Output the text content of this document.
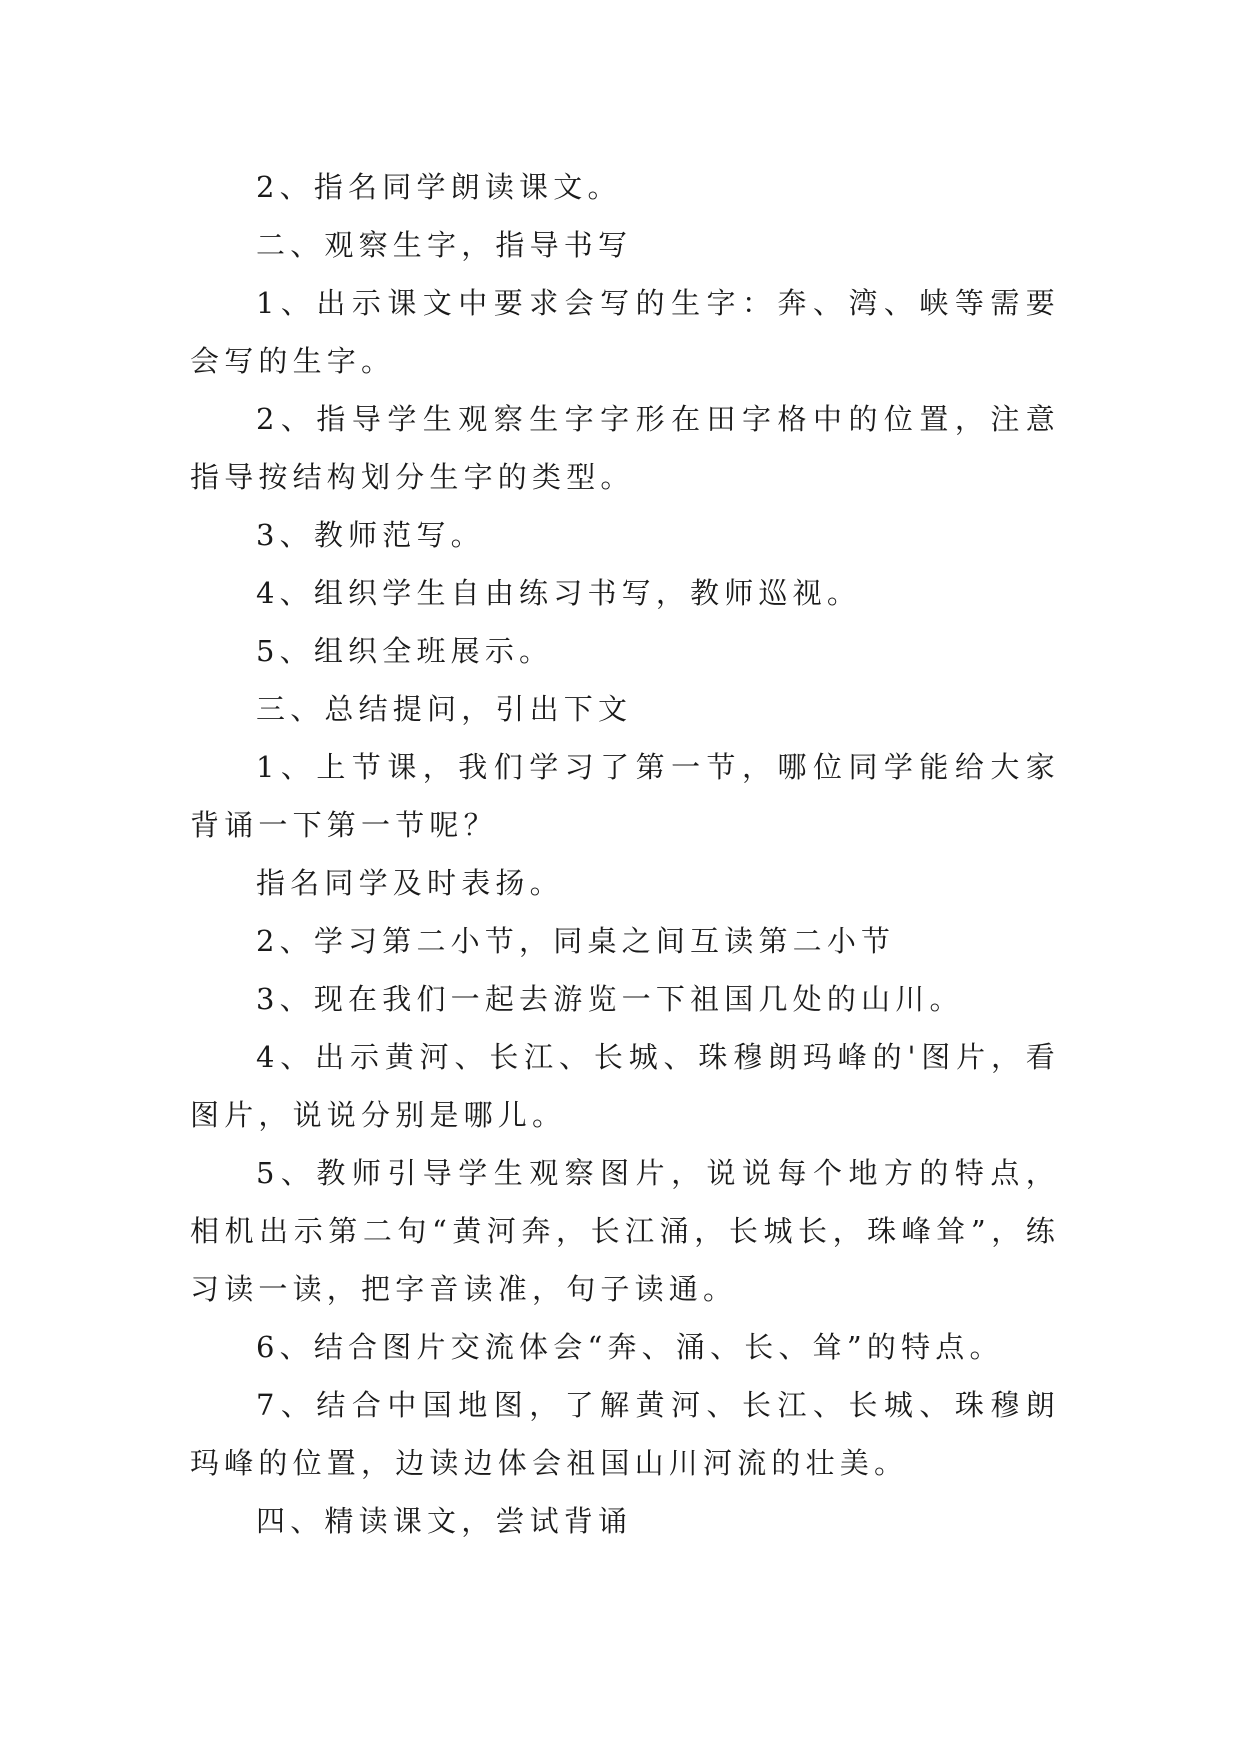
2、指名同学朗读课文。

二、观察生字，指导书写

1、出示课文中要求会写的生字：奔、湾、峡等需要会写的生字。

2、指导学生观察生字字形在田字格中的位置，注意指导按结构划分生字的类型。

3、教师范写。

4、组织学生自由练习书写，教师巡视。

5、组织全班展示。

三、总结提问，引出下文

1、上节课，我们学习了第一节，哪位同学能给大家背诵一下第一节呢？

指名同学及时表扬。

2、学习第二小节，同桌之间互读第二小节

3、现在我们一起去游览一下祖国几处的山川。

4、出示黄河、长江、长城、珠穆朗玛峰的'图片，看图片，说说分别是哪儿。

5、教师引导学生观察图片，说说每个地方的特点，相机出示第二句“黄河奔，长江涌，长城长，珠峰耸”，练习读一读，把字音读准，句子读通。

6、结合图片交流体会“奔、涌、长、耸”的特点。

7、结合中国地图，了解黄河、长江、长城、珠穆朗玛峰的位置，边读边体会祖国山川河流的壮美。

四、精读课文，尝试背诵
